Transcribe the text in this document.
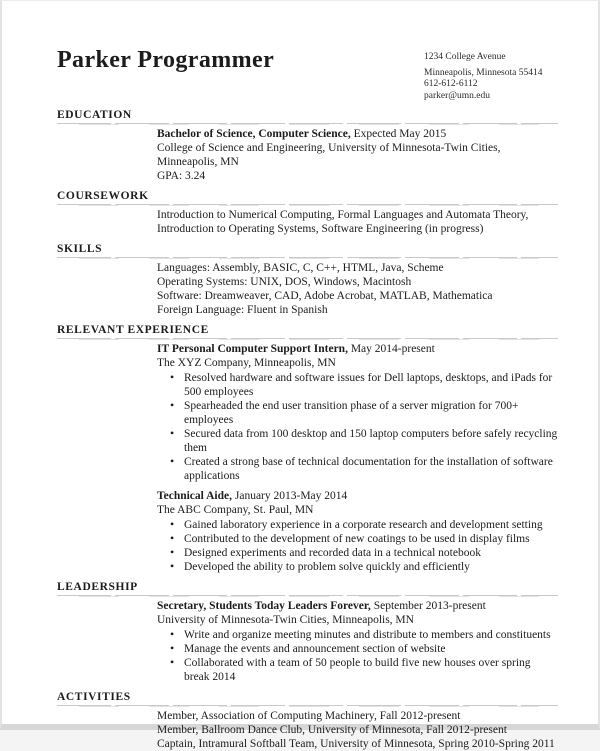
Parker Programmer	1234 College Avenue
Minneapolis, Minnesota 55414
612-612-6112
parker@umn.edu
EDUCATION

Bachelor of Science, Computer Science, Expected May 2015

College of Science and Engineering, University of Minnesota-Twin Cities, Minneapolis, MN

GPA: 3.24

COURSEWORK

Introduction to Numerical Computing, Formal Languages and Automata Theory, Introduction to Operating Systems, Software Engineering (in progress)

SKILLS

Languages: Assembly, BASIC, C, C++, HTML, Java, Scheme

Operating Systems: UNIX, DOS, Windows, Macintosh

Software: Dreamweaver, CAD, Adobe Acrobat, MATLAB, Mathematica

Foreign Language: Fluent in Spanish

RELEVANT EXPERIENCE

IT Personal Computer Support Intern, May 2014-present

The XYZ Company, Minneapolis, MN

• Resolved hardware and software issues for Dell laptops, desktops, and iPads for 500 employees
• Spearheaded the end user transition phase of a server migration for 700+ employees
• Secured data from 100 desktop and 150 laptop computers before safely recycling them
• Created a strong base of technical documentation for the installation of software applications

Technical Aide, January 2013-May 2014

The ABC Company, St. Paul, MN

• Gained laboratory experience in a corporate research and development setting
• Contributed to the development of new coatings to be used in display films
• Designed experiments and recorded data in a technical notebook
• Developed the ability to problem solve quickly and efficiently
LEADERSHIP

Secretary, Students Today Leaders Forever, September 2013-present

University of Minnesota-Twin Cities, Minneapolis, MN

• Write and organize meeting minutes and distribute to members and constituents
• Manage the events and announcement section of website
• Collaborated with a team of 50 people to build five new houses over spring break 2014
ACTIVITIES

Member, Association of Computing Machinery, Fall 2012-present

Member, Ballroom Dance Club, University of Minnesota, Fall 2012-present

Captain, Intramural Softball Team, University of Minnesota, Spring 2010-Spring 2011
